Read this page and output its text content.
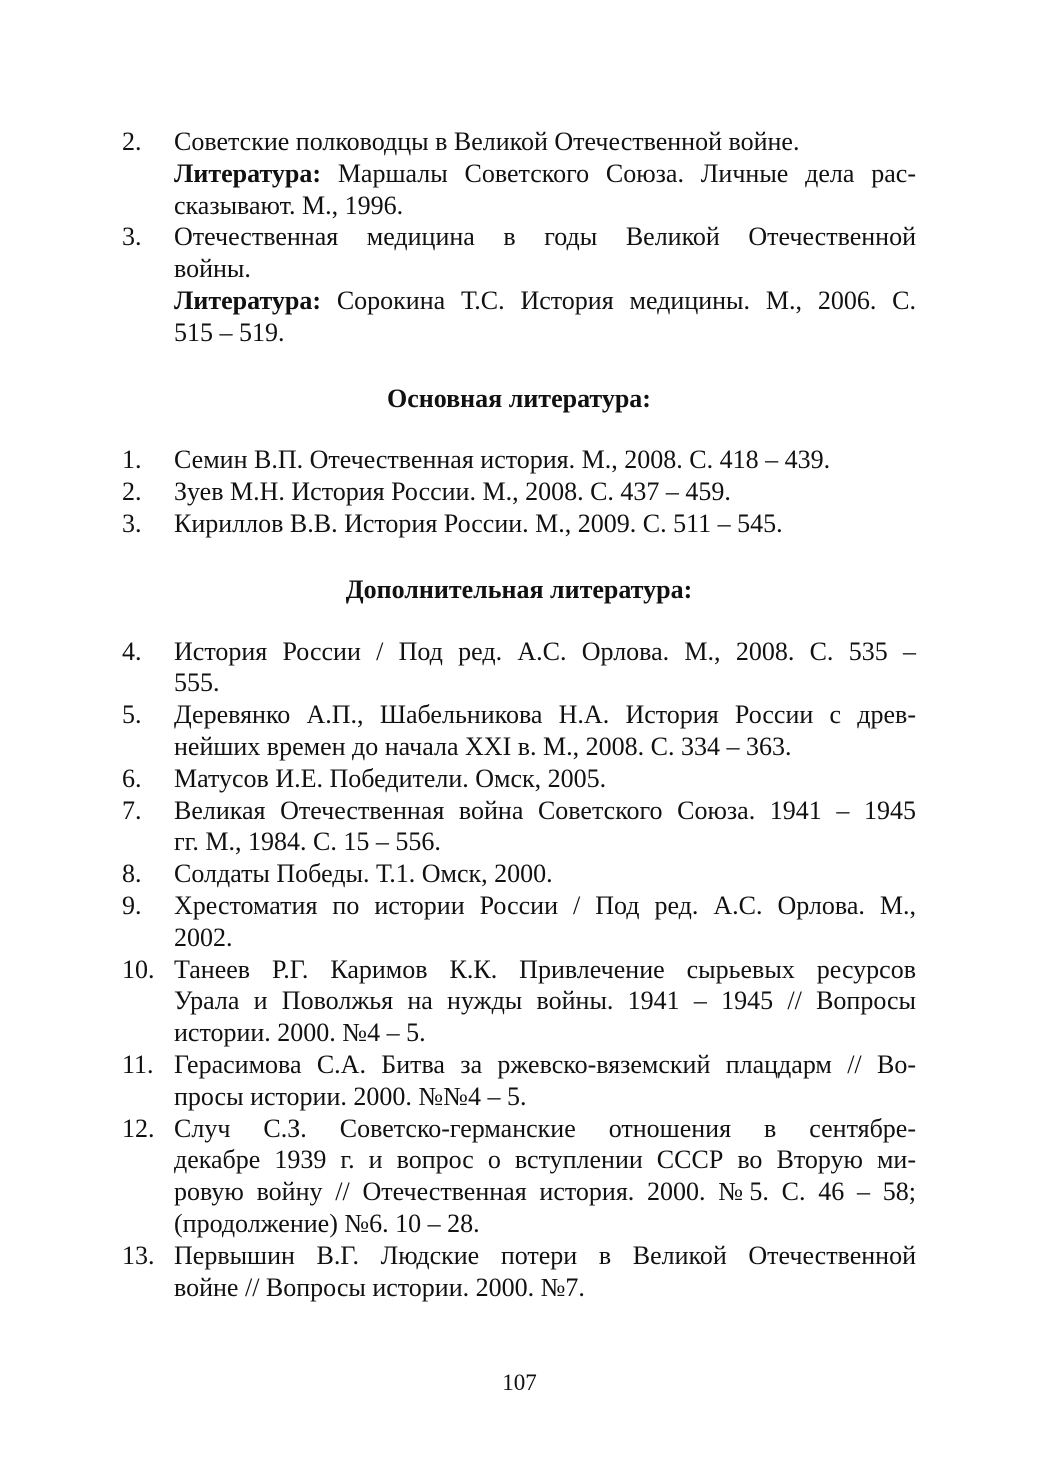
2.	Советские полководцы в Великой Отечественной войне.
Литература: Маршалы Советского Союза. Личные дела рас-
сказывают. М., 1996.
3.	Отечественная медицина в годы Великой Отечественной
войны.
Литература: Сорокина Т.С. История медицины. М., 2006. С.
515 – 519.
Основная литература:
1.	Семин В.П. Отечественная история. М., 2008. С. 418 – 439.
2.	Зуев М.Н. История России. М., 2008. С. 437 – 459.
3.	Кириллов В.В. История России. М., 2009. С. 511 – 545.
Дополнительная литература:
4.	История России / Под ред. А.С. Орлова. М., 2008. С. 535 –
555.
5.	Деревянко А.П., Шабельникова Н.А. История России с древ-
нейших времен до начала XXI в. М., 2008. С. 334 – 363.
6.	Матусов И.Е. Победители. Омск, 2005.
7.	Великая Отечественная война Советского Союза. 1941 – 1945
гг. М., 1984. С. 15 – 556.
8.	Солдаты Победы. Т.1. Омск, 2000.
9.	Хрестоматия по истории России / Под ред. А.С. Орлова. М.,
2002.
10. Танеев Р.Г. Каримов К.К. Привлечение сырьевых ресурсов
Урала и Поволжья на нужды войны. 1941 – 1945 // Вопросы
истории. 2000. №4 – 5.
11. Герасимова С.А. Битва за ржевско-вяземский плацдарм // Во-
просы истории. 2000. №№4 – 5.
12. Случ С.З. Советско-германские отношения в сентябре-
декабре 1939 г. и вопрос о вступлении СССР во Вторую ми-
ровую войну // Отечественная история. 2000. №5. С. 46 – 58;
(продолжение) №6. 10 – 28.
13. Первышин В.Г. Людские потери в Великой Отечественной
войне // Вопросы истории. 2000. №7.
107
